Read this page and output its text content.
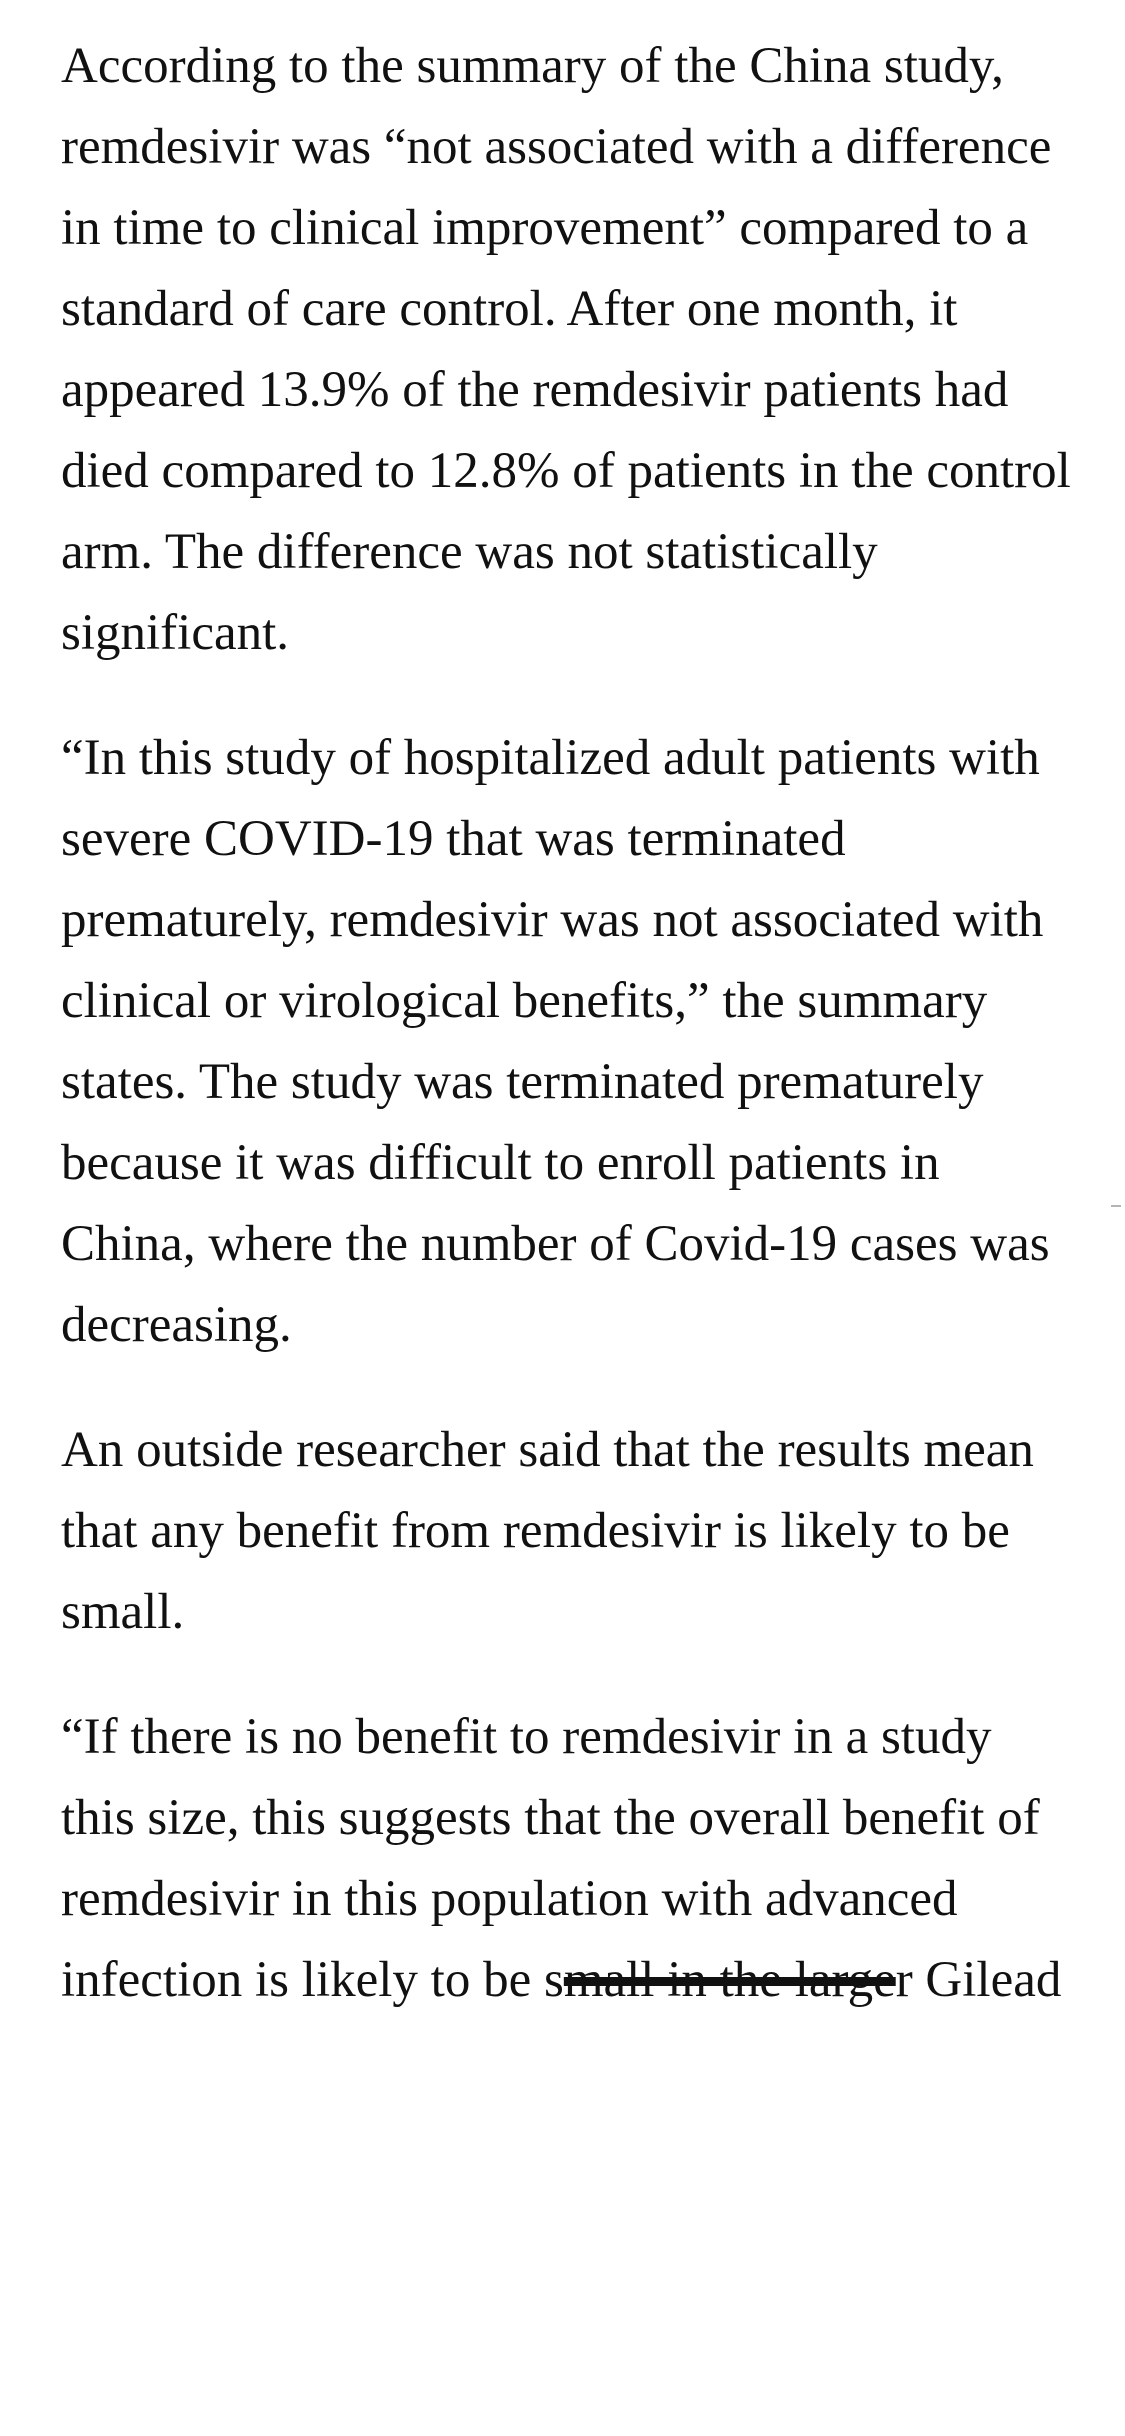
According to the summary of the China study, remdesivir was “not associated with a difference in time to clinical improvement” compared to a standard of care control. After one month, it appeared 13.9% of the remdesivir patients had died compared to 12.8% of patients in the control arm. The difference was not statistically significant.

“In this study of hospitalized adult patients with severe COVID-19 that was terminated prematurely, remdesivir was not associated with clinical or virological benefits,” the summary states. The study was terminated prematurely because it was difficult to enroll patients in China, where the number of Covid-19 cases was decreasing.

An outside researcher said that the results mean that any benefit from remdesivir is likely to be small.

“If there is no benefit to remdesivir in a study this size, this suggests that the overall benefit of remdesivir in this population with advanced infection is likely to be small in the larger Gilead
